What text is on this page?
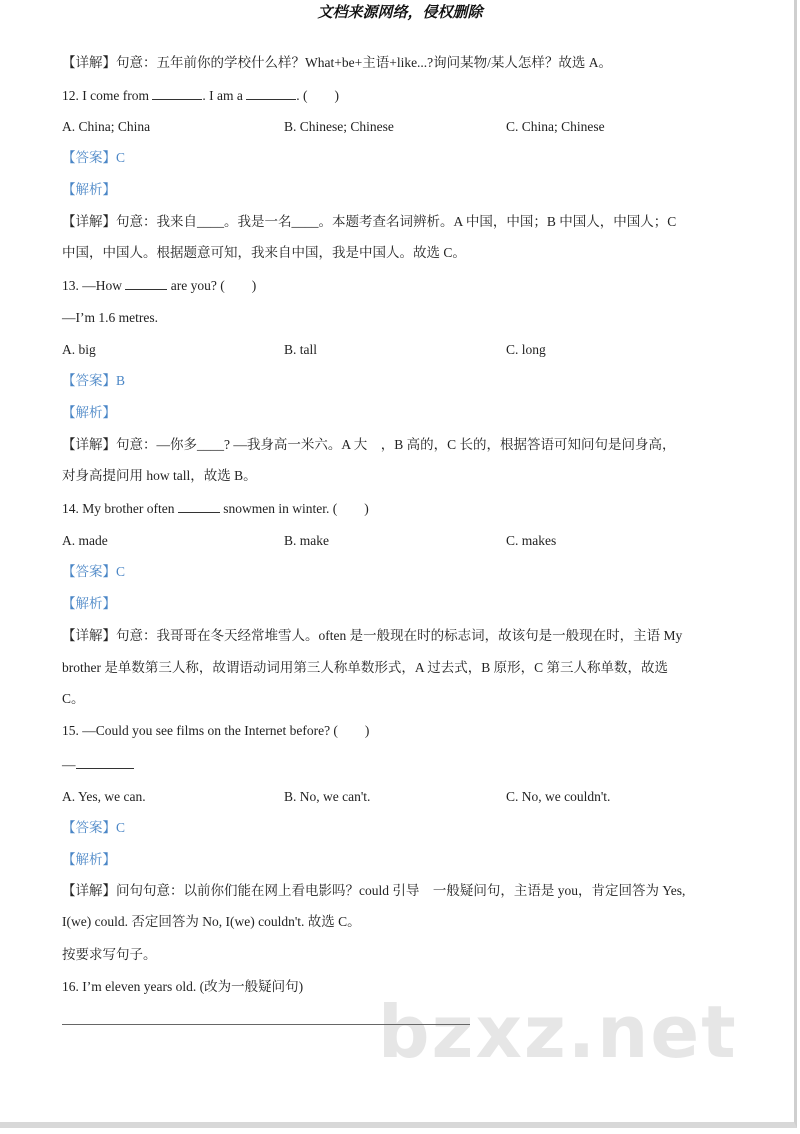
文档来源网络，侵权删除
【详解】句意：五年前你的学校什么样？What+be+主语+like...?询问某物/某人怎样？故选 A。
12. I come from	. I am a	. (　　)
A. China; China	B. Chinese; Chinese	C. China; Chinese
【答案】C
【解析】
【详解】句意：我来自____。我是一名____。本题考查名词辨析。A 中国，中国；B 中国人，中国人；C
中国，中国人。根据题意可知，我来自中国，我是中国人。故选 C。
13. —How	are you? (　　)
—I’m 1.6 metres.
A. big	B. tall	C. long
【答案】B
【解析】
【详解】句意：—你多____? —我身高一米六。A 大　，B 高的，C 长的，根据答语可知问句是问身高，
对身高提问用 how tall，故选 B。
14. My brother often	snowmen in winter. (　　)
A. made	B. make	C. makes
【答案】C
【解析】
【详解】句意：我哥哥在冬天经常堆雪人。often 是一般现在时的标志词，故该句是一般现在时，主语 My
brother 是单数第三人称，故谓语动词用第三人称单数形式，A 过去式，B 原形，C 第三人称单数，故选
C。
15. —Could you see films on the Internet before? (　　)
—
A. Yes, we can.	B. No, we can't.	C. No, we couldn't.
【答案】C
【解析】
【详解】问句句意：以前你们能在网上看电影吗？could 引导　一般疑问句，主语是 you，肯定回答为 Yes,
I(we) could. 否定回答为 No, I(we) couldn't. 故选 C。
按要求写句子。
16. I’m eleven years old. (改为一般疑问句)
bzxz.net
